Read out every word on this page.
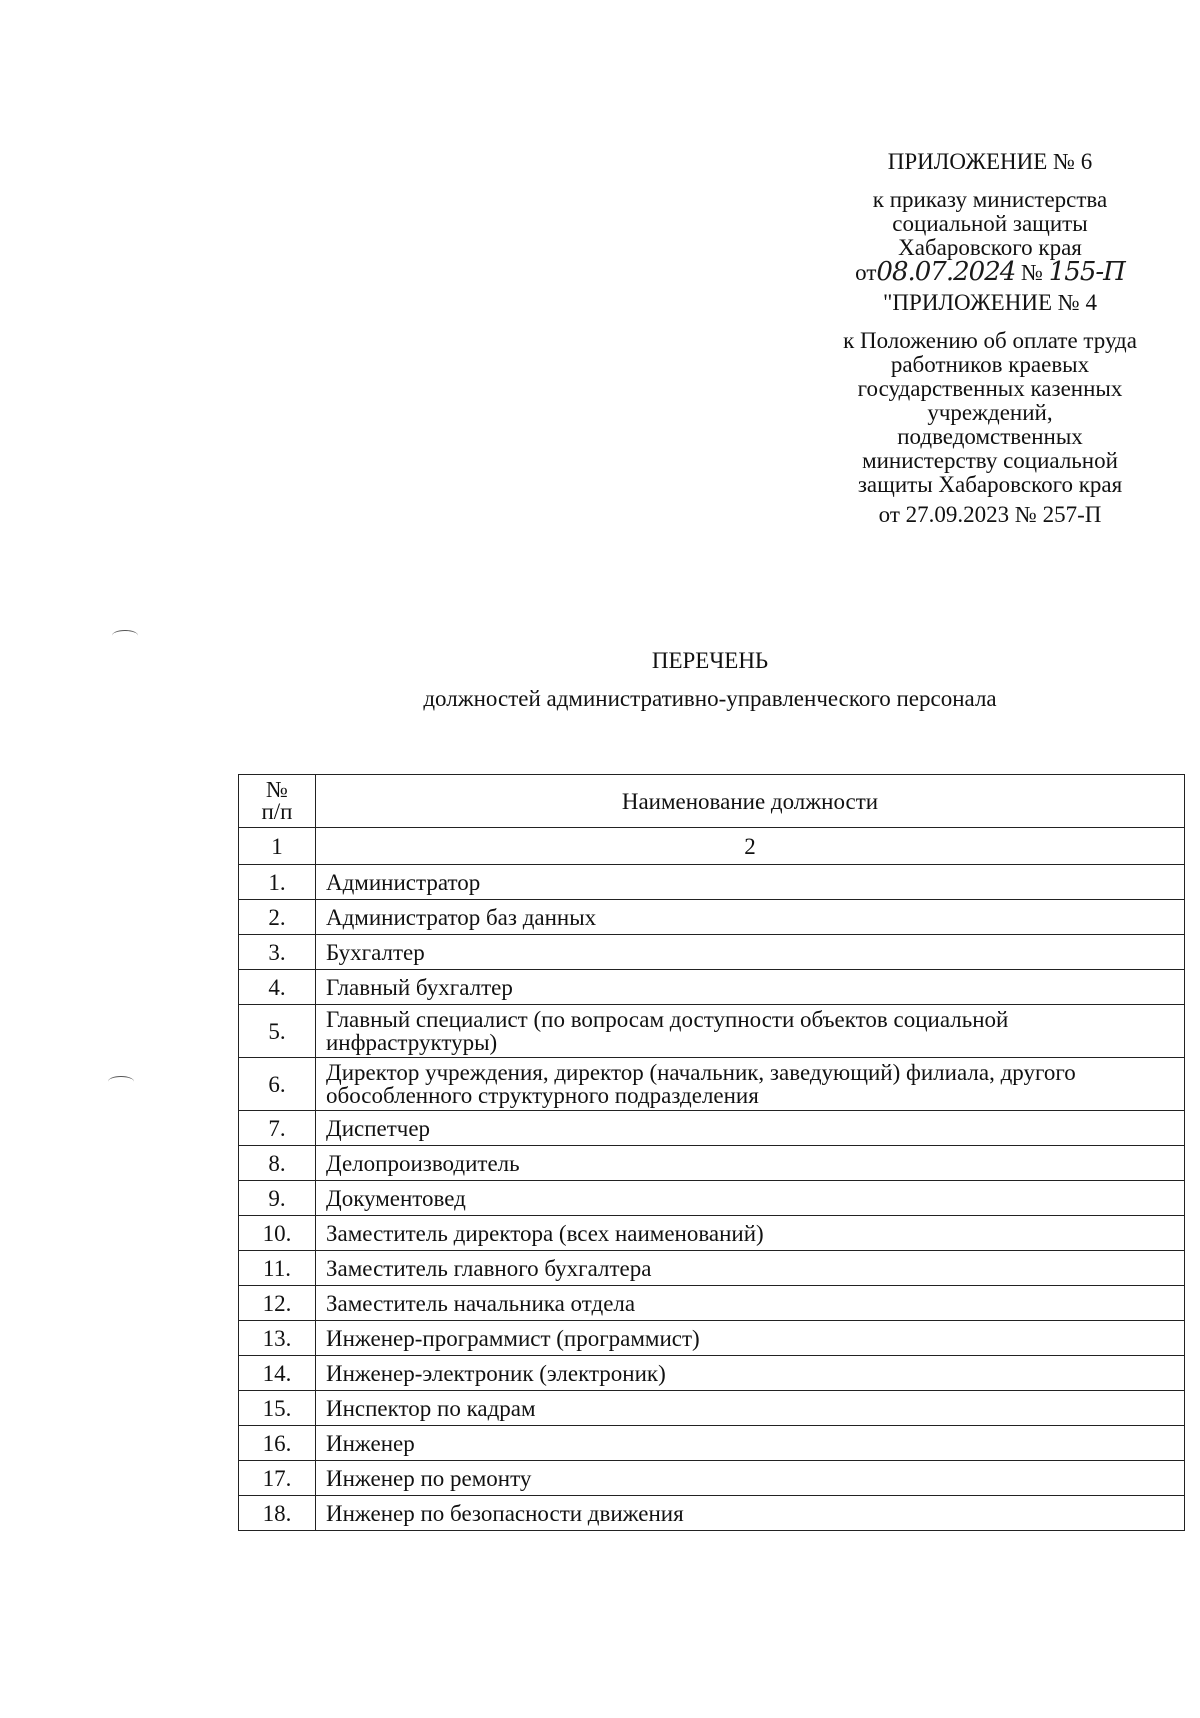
ПРИЛОЖЕНИЕ № 6
к приказу министерства
социальной защиты
Хабаровского края
от08.07.2024 № 155-П
"ПРИЛОЖЕНИЕ № 4
к Положению об оплате труда
работников краевых
государственных казенных
учреждений,
подведомственных
министерству социальной
защиты Хабаровского края
от 27.09.2023 № 257-П
ПЕРЕЧЕНЬ
должностей административно-управленческого персонала
№
п/п	Наименование должности
1	2
1.	Администратор
2.	Администратор баз данных
3.	Бухгалтер
4.	Главный бухгалтер
5.	Главный специалист (по вопросам доступности объектов социальной инфраструктуры)
6.	Директор учреждения, директор (начальник, заведующий) филиала, другого обособленного структурного подразделения
7.	Диспетчер
8.	Делопроизводитель
9.	Документовед
10.	Заместитель директора (всех наименований)
11.	Заместитель главного бухгалтера
12.	Заместитель начальника отдела
13.	Инженер-программист (программист)
14.	Инженер-электроник (электроник)
15.	Инспектор по кадрам
16.	Инженер
17.	Инженер по ремонту
18.	Инженер по безопасности движения
